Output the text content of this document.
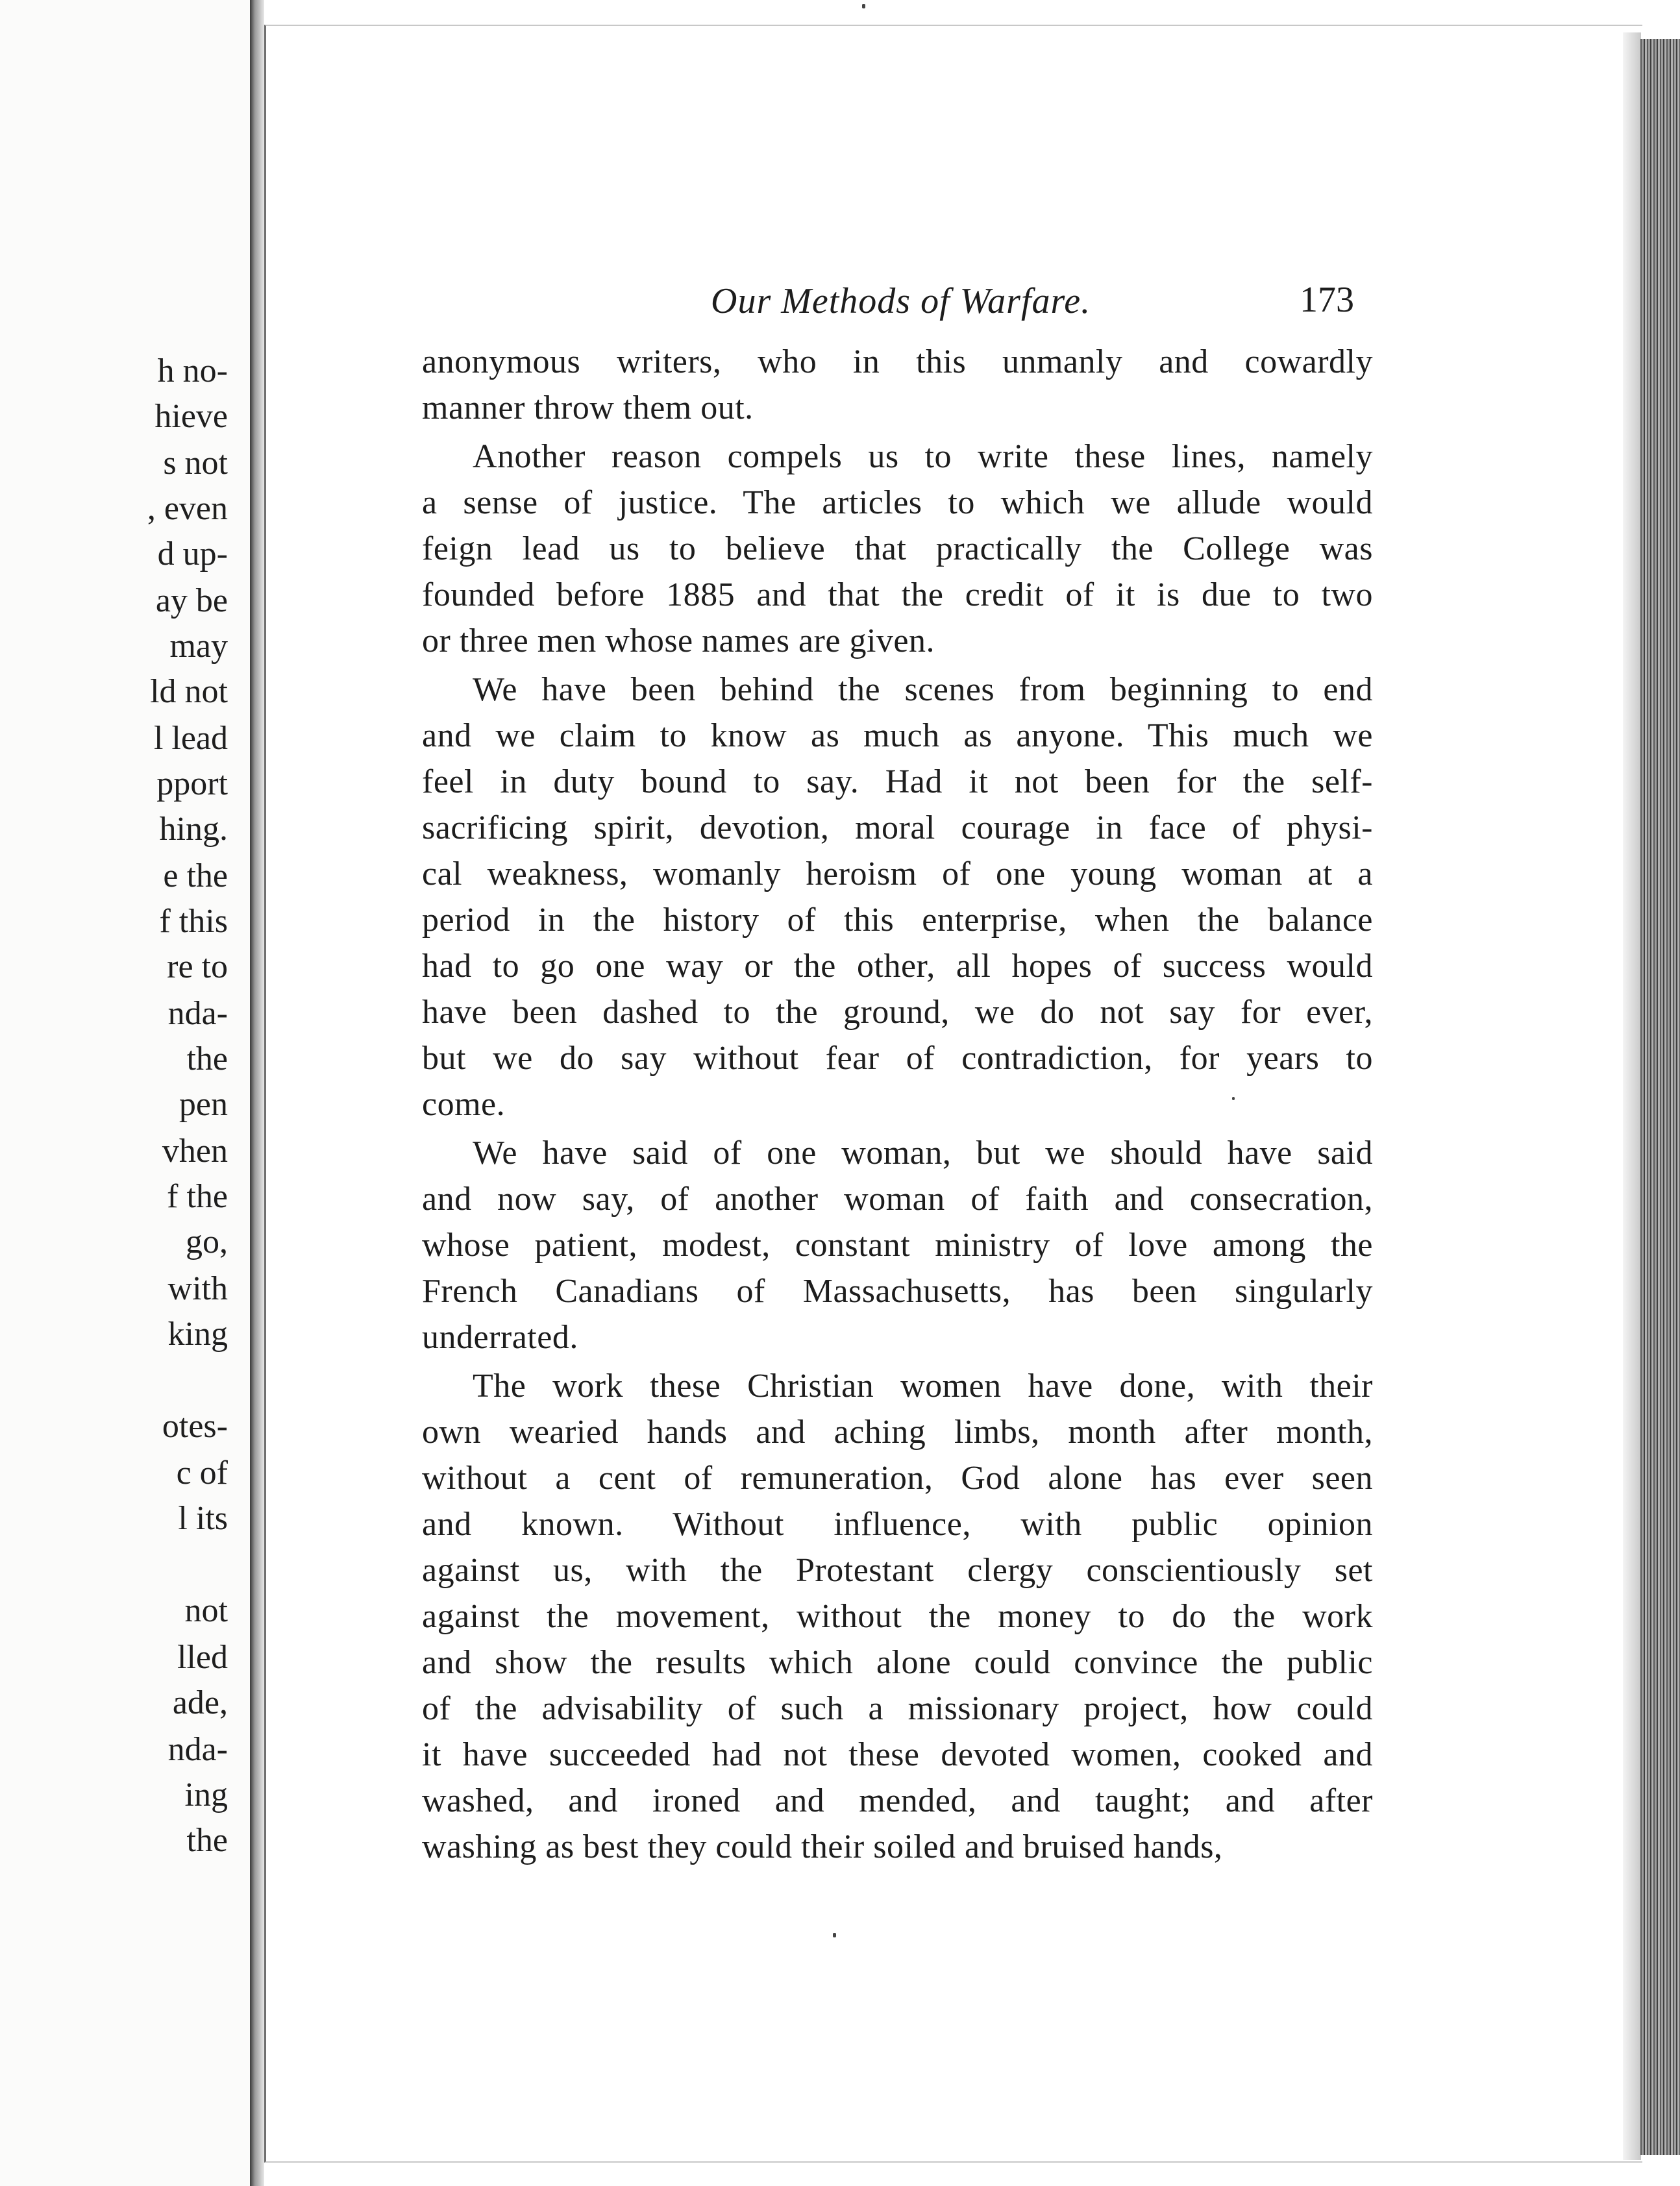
h no-
hieve
s not
, even
d up-
ay be
may
ld not
l lead
pport
hing.
e the
f this
re to
nda-
the
pen
vhen
f the
go,
with
king
otes-
c of
l its
not
lled
ade,
nda-
ing
the
Our Methods of Warfare.	173
anonymous writers, who in this unmanly and cowardly
manner throw them out.
Another reason compels us to write these lines, namely
a sense of justice. The articles to which we allude would
feign lead us to believe that practically the College was
founded before 1885 and that the credit of it is due to two
or three men whose names are given.
We have been behind the scenes from beginning to end
and we claim to know as much as anyone. This much we
feel in duty bound to say. Had it not been for the self-
sacrificing spirit, devotion, moral courage in face of physi-
cal weakness, womanly heroism of one young woman at a
period in the history of this enterprise, when the balance
had to go one way or the other, all hopes of success would
have been dashed to the ground, we do not say for ever,
but we do say without fear of contradiction, for years to
come.
We have said of one woman, but we should have said
and now say, of another woman of faith and consecration,
whose patient, modest, constant ministry of love among the
French Canadians of Massachusetts, has been singularly
underrated.
The work these Christian women have done, with their
own wearied hands and aching limbs, month after month,
without a cent of remuneration, God alone has ever seen
and known. Without influence, with public opinion
against us, with the Protestant clergy conscientiously set
against the movement, without the money to do the work
and show the results which alone could convince the public
of the advisability of such a missionary project, how could
it have succeeded had not these devoted women, cooked and
washed, and ironed and mended, and taught; and after
washing as best they could their soiled and bruised hands,
